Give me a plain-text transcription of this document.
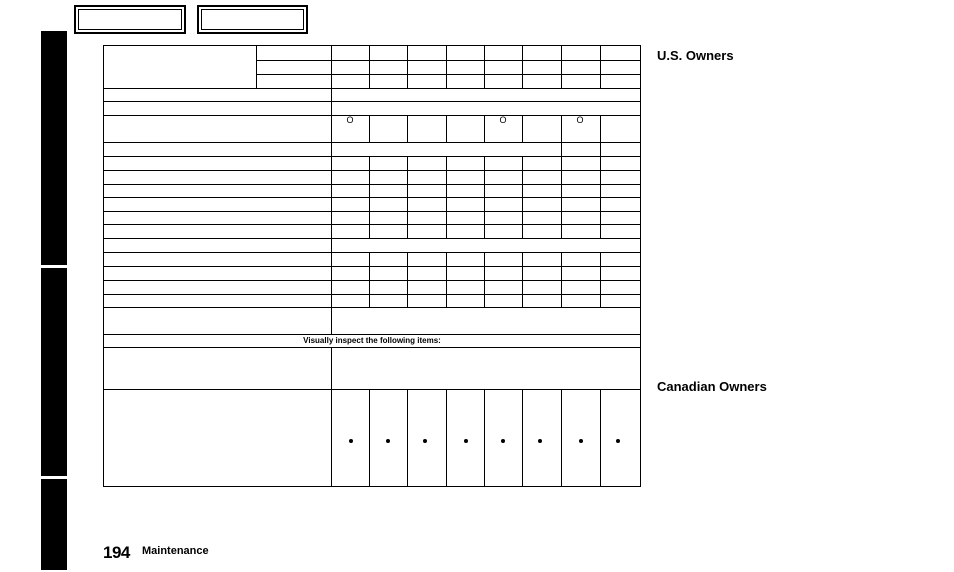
Visually inspect the following items:
O	O	O
U.S. Owners
Canadian Owners
194 Maintenance
